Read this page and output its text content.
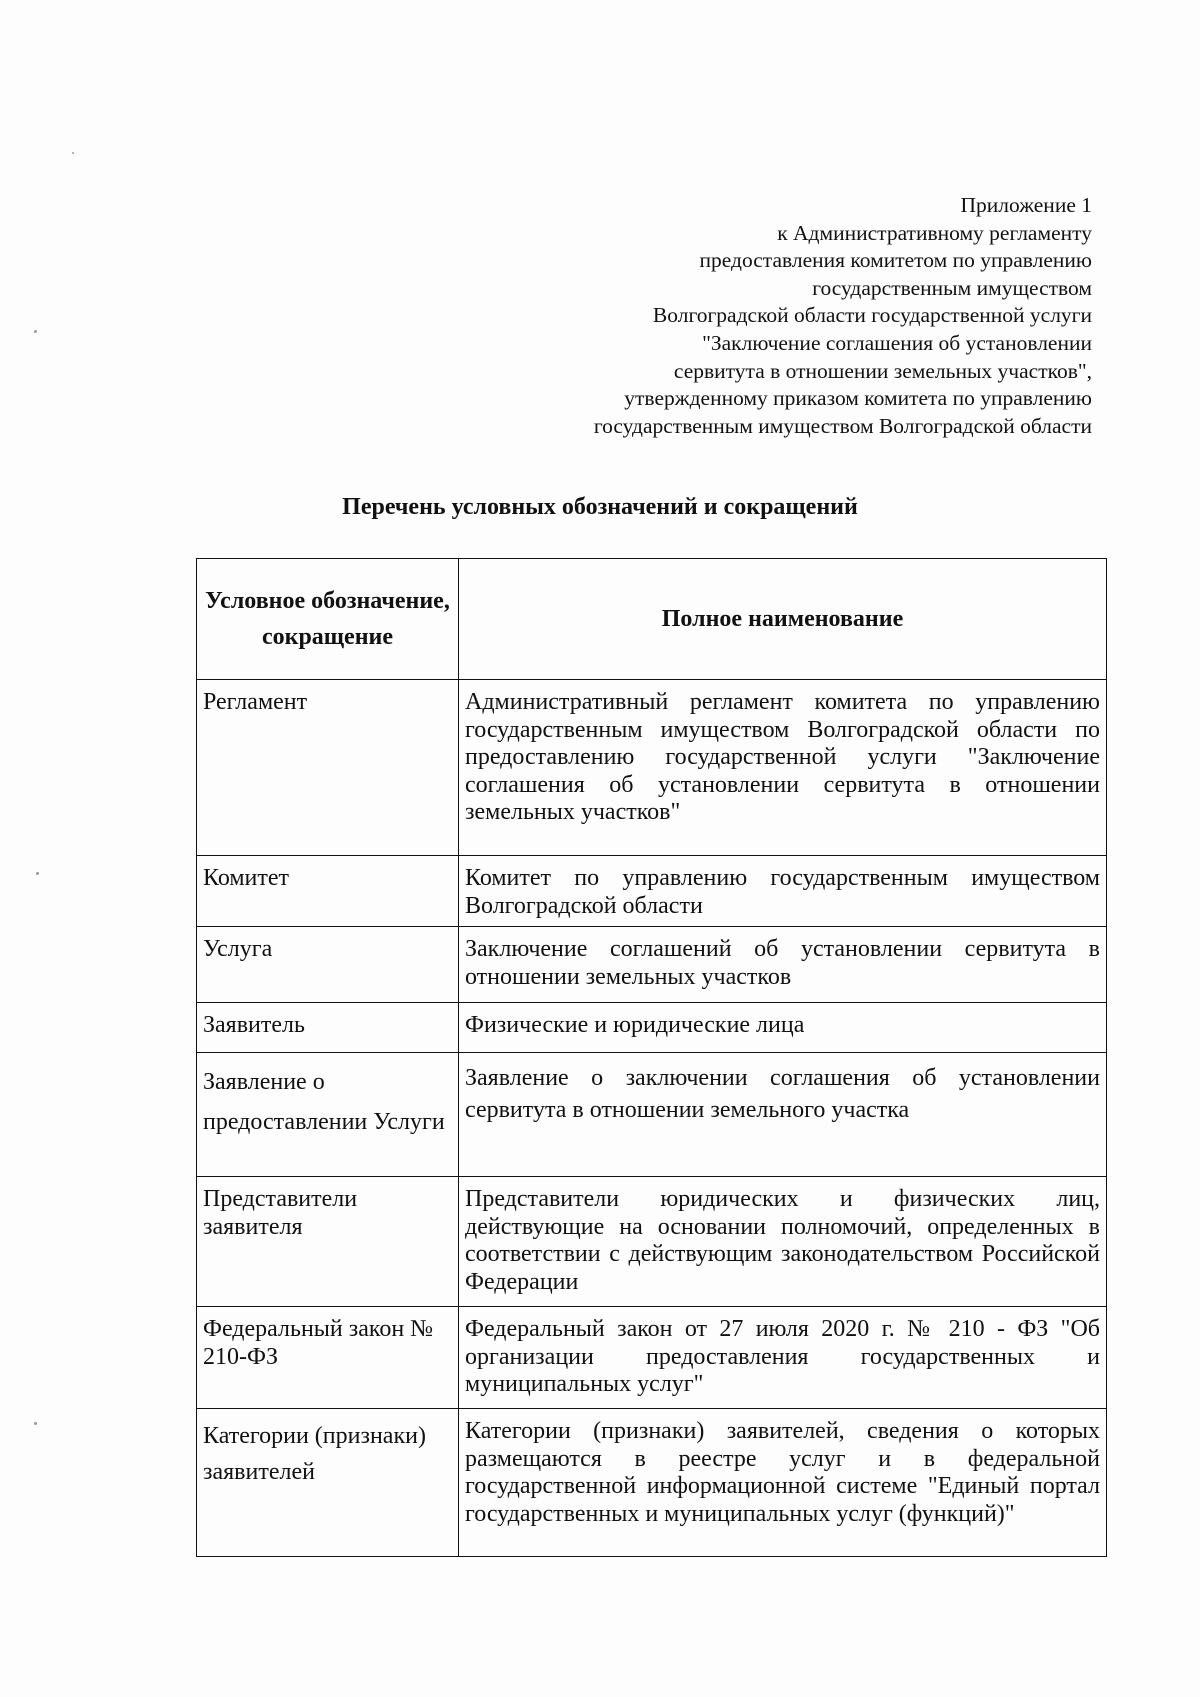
Приложение 1
к Административному регламенту
предоставления комитетом по управлению
государственным имуществом
Волгоградской области государственной услуги
"Заключение соглашения об установлении
сервитута в отношении земельных участков",
утвержденному приказом комитета по управлению
государственным имуществом Волгоградской области
Перечень условных обозначений и сокращений
Условное обозначение, сокращение	Полное наименование
Регламент	Административный регламент комитета по управлению государственным имуществом Волгоградской области по предоставлению государственной услуги "Заключение соглашения об установлении сервитута в отношении земельных участков"
Комитет	Комитет по управлению государственным имуществом Волгоградской области
Услуга	Заключение соглашений об установлении сервитута в отношении земельных участков
Заявитель	Физические и юридические лица
Заявление о предоставлении Услуги	Заявление о заключении соглашения об установлении сервитута в отношении земельного участка
Представители заявителя	Представители юридических и физических лиц, действующие на основании полномочий, определенных в соответствии с действующим законодательством Российской Федерации
Федеральный закон № 210-ФЗ	Федеральный закон от 27 июля 2020 г. № 210 - ФЗ "Об организации предоставления государственных и муниципальных услуг"
Категории (признаки) заявителей	Категории (признаки) заявителей, сведения о которых размещаются в реестре услуг и в федеральной государственной информационной системе "Единый портал государственных и муниципальных услуг (функций)"
